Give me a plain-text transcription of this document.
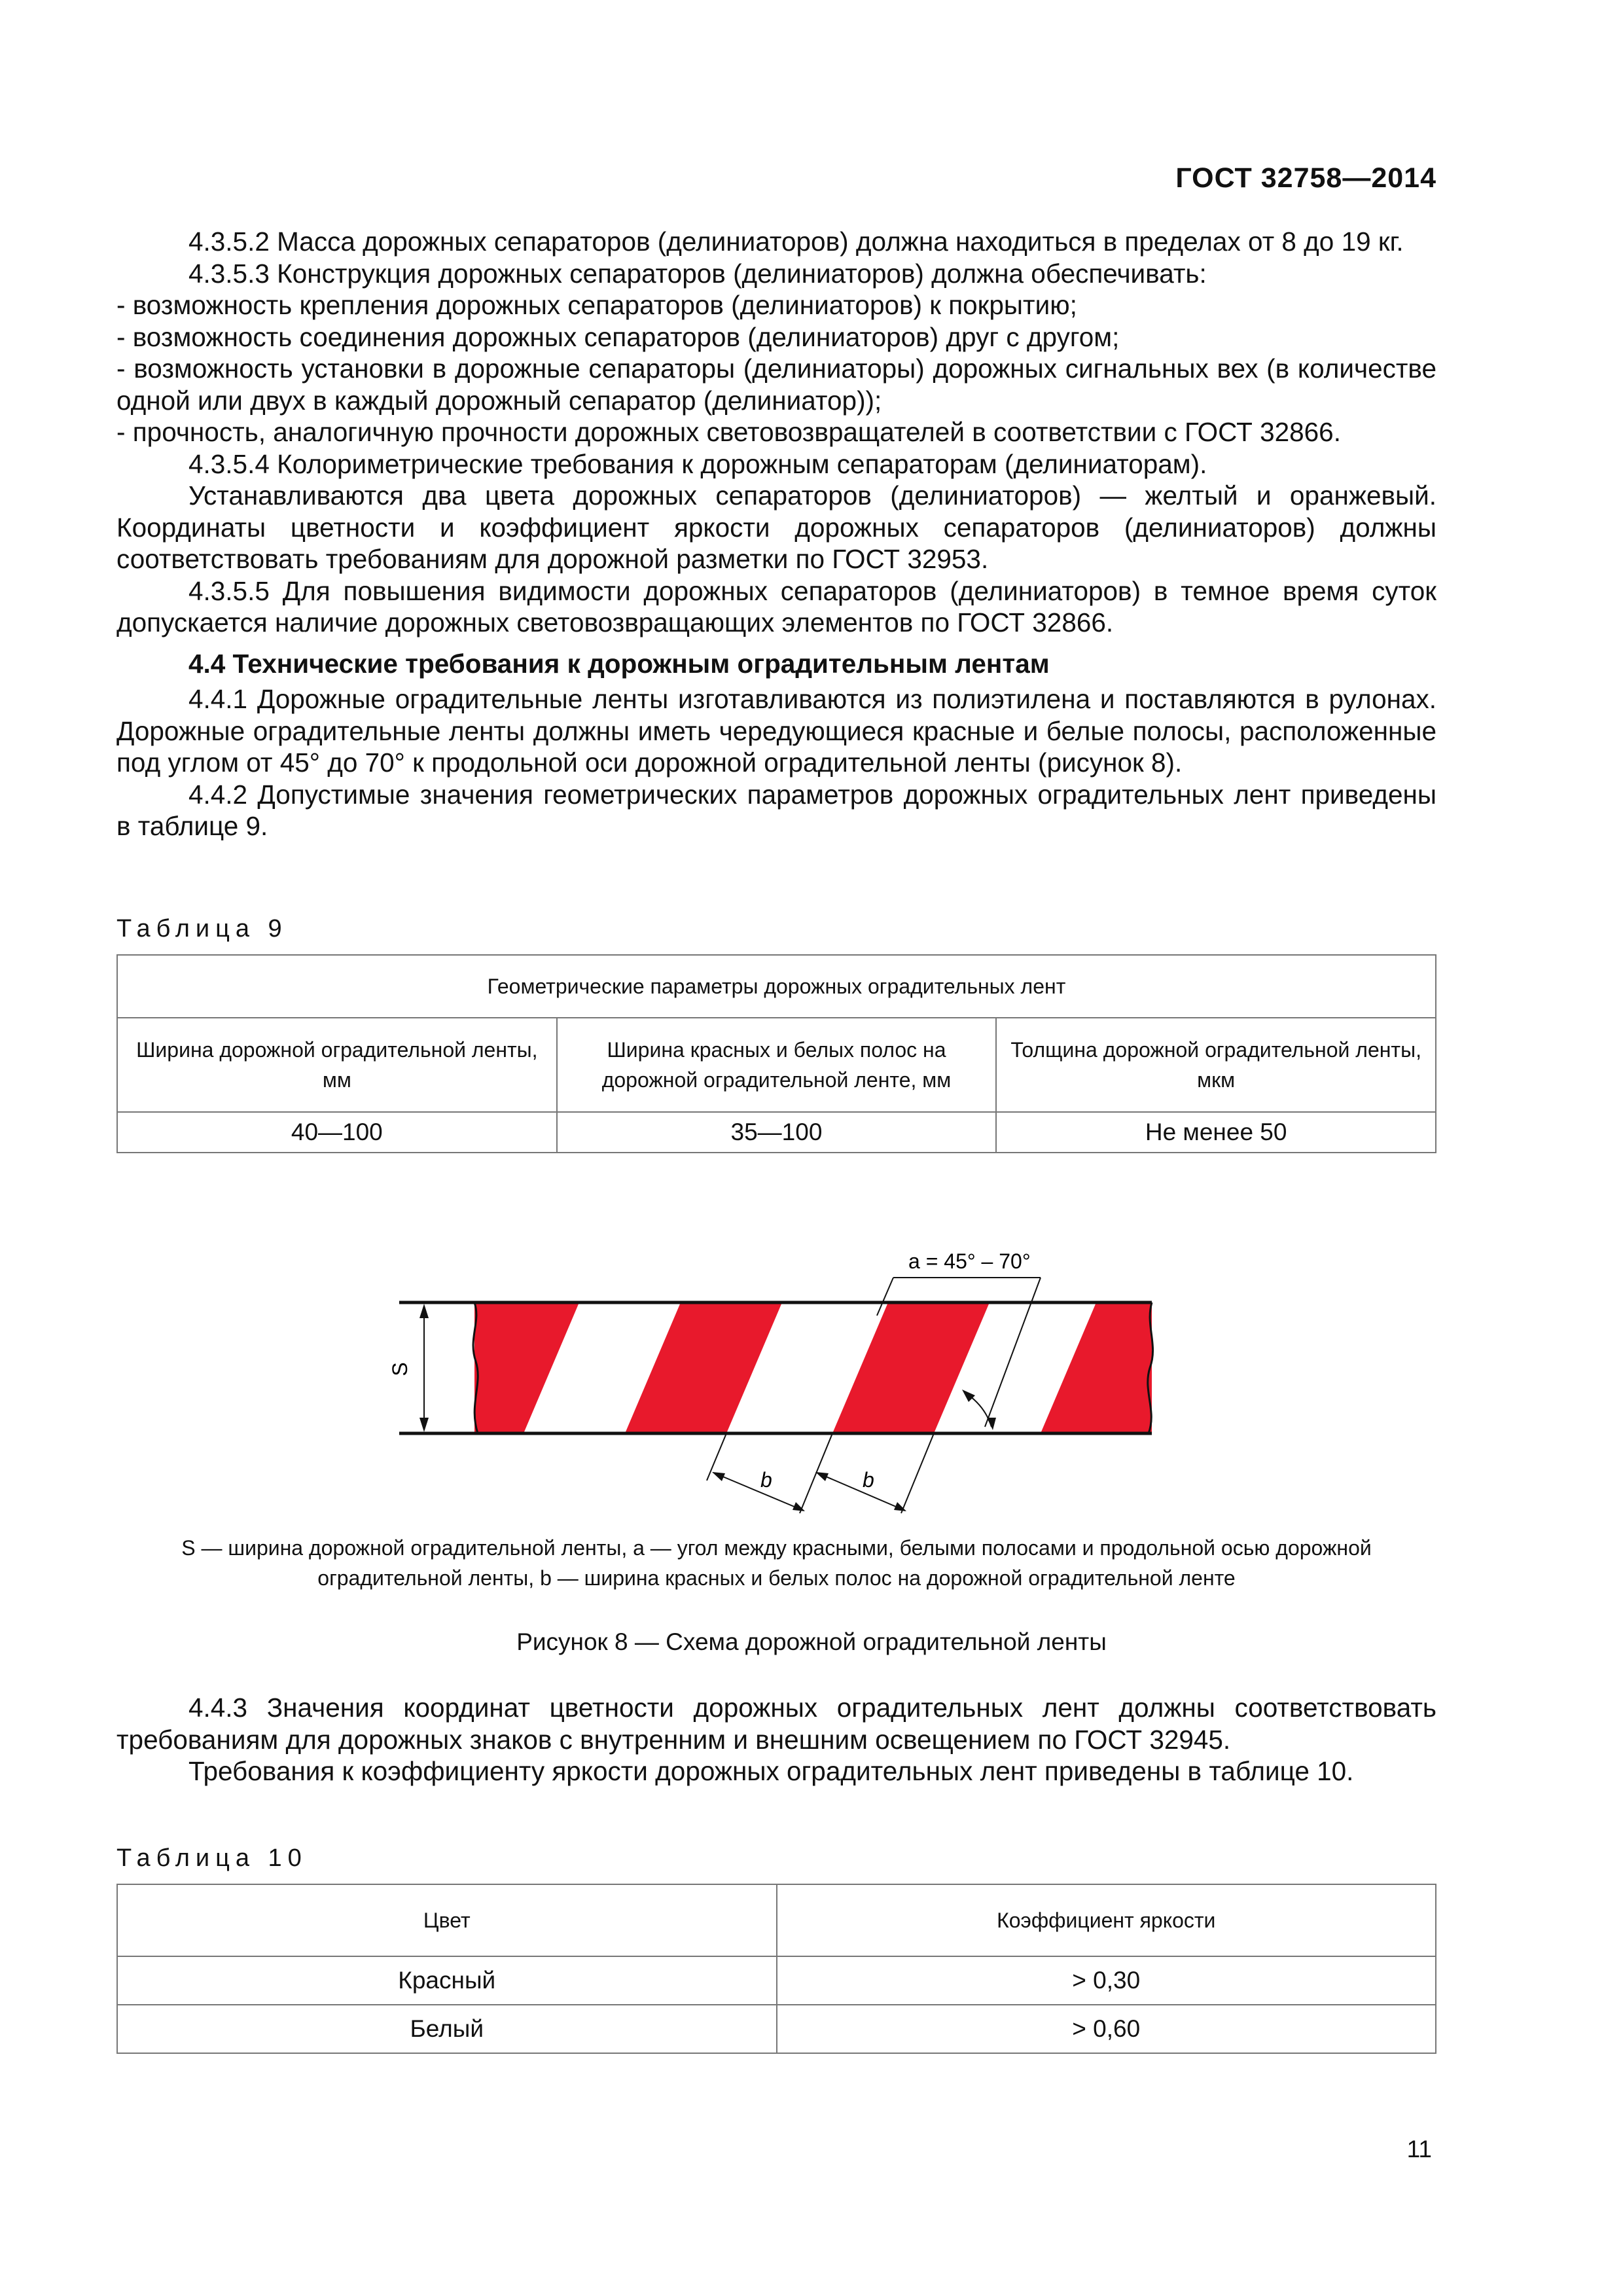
ГОСТ 32758—2014

4.3.5.2 Масса дорожных сепараторов (делиниаторов) должна находиться в пределах от 8 до 19 кг.

4.3.5.3 Конструкция дорожных сепараторов (делиниаторов) должна обеспечивать:

- возможность крепления дорожных сепараторов (делиниаторов) к покрытию;

- возможность соединения дорожных сепараторов (делиниаторов) друг с другом;

- возможность установки в дорожные сепараторы (делиниаторы) дорожных сигнальных вех (в количестве одной или двух в каждый дорожный сепаратор (делиниатор));

- прочность, аналогичную прочности дорожных световозвращателей в соответствии с ГОСТ 32866.

4.3.5.4 Колориметрические требования к дорожным сепараторам (делиниаторам).

Устанавливаются два цвета дорожных сепараторов (делиниаторов) — желтый и оранжевый. Координаты цветности и коэффициент яркости дорожных сепараторов (делиниаторов) должны соответствовать требованиям для дорожной разметки по ГОСТ 32953.

4.3.5.5 Для повышения видимости дорожных сепараторов (делиниаторов) в темное время суток допускается наличие дорожных световозвращающих элементов по ГОСТ 32866.

4.4 Технические требования к дорожным оградительным лентам

4.4.1 Дорожные оградительные ленты изготавливаются из полиэтилена и поставляются в рулонах. Дорожные оградительные ленты должны иметь чередующиеся красные и белые полосы, расположенные под углом от 45° до 70° к продольной оси дорожной оградительной ленты (рисунок 8).

4.4.2 Допустимые значения геометрических параметров дорожных оградительных лент приведены в таблице 9.

Таблица 9
Геометрические параметры дорожных оградительных лент		
Ширина дорожной оградительной ленты, мм	Ширина красных и белых полос на дорожной оградительной ленте, мм	Толщина дорожной оградительной ленты, мкм
40—100	35—100	Не менее 50
S
a = 45° – 70°
b	b
S — ширина дорожной оградительной ленты, a — угол между красными, белыми полосами и продольной осью дорожной оградительной ленты, b — ширина красных и белых полос на дорожной оградительной ленте
Рисунок 8 — Схема дорожной оградительной ленты

4.4.3 Значения координат цветности дорожных оградительных лент должны соответствовать требованиям для дорожных знаков с внутренним и внешним освещением по ГОСТ 32945.

Требования к коэффициенту яркости дорожных оградительных лент приведены в таблице 10.

Таблица 10
Цвет	Коэффициент яркости
Красный	> 0,30
Белый	> 0,60
11
